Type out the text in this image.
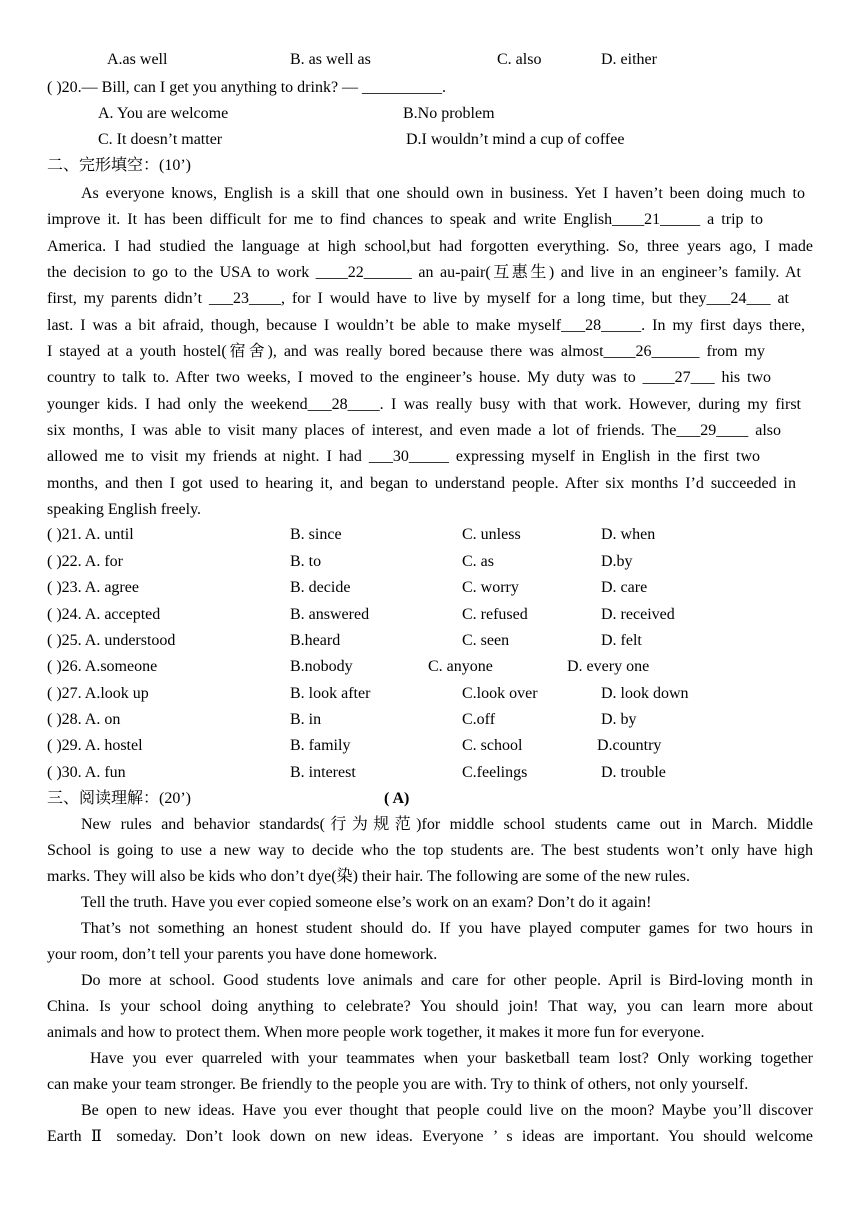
A.as well	B. as well as	C. also	D. either
( )20.— Bill, can I get you anything to drink? — __________.
A. You are welcome	B.No problem
C. It doesn’t matter	D.I wouldn’t mind a cup of coffee
二、完形填空：(10’)
As everyone knows, English is a skill that one should own in business. Yet I haven’t been doing much to
improve it. It has been difficult for me to find chances to speak and write English____21_____ a trip to
America. I had studied the language at high school,but had forgotten everything. So, three years ago, I made
the decision to go to the USA to work ____22______ an au-pair(互惠生) and live in an engineer’s family. At
first, my parents didn’t ___23____, for I would have to live by myself for a long time, but they___24___ at
last. I was a bit afraid, though, because I wouldn’t be able to make myself___28_____. In my first days there,
I stayed at a youth hostel(宿舍), and was really bored because there was almost____26______ from my
country to talk to. After two weeks, I moved to the engineer’s house. My duty was to ____27___ his two
younger kids. I had only the weekend___28____. I was really busy with that work. However, during my first
six months, I was able to visit many places of interest, and even made a lot of friends. The___29____ also
allowed me to visit my friends at night. I had ___30_____ expressing myself in English in the first two
months, and then I got used to hearing it, and began to understand people. After six months I’d succeeded in
speaking English freely.
( )21. A. until	B. since	C. unless	D. when
( )22. A. for	B. to	C. as	D.by
( )23. A. agree	B. decide	C. worry	D. care
( )24. A. accepted	B. answered	C. refused	D. received
( )25. A. understood	B.heard	C. seen	D. felt
( )26. A.someone	B.nobody	C. anyone	D. every one
( )27. A.look up	B. look after	C.look over	D. look down
( )28. A. on	B. in	C.off	D. by
( )29. A. hostel	B. family	C. school	D.country
( )30. A. fun	B. interest	C.feelings	D. trouble
三、阅读理解：(20’)	( A)
New rules and behavior standards(行为规范)for middle school students came out in March. Middle
School is going to use a new way to decide who the top students are. The best students won’t only have high
marks. They will also be kids who don’t dye(染) their hair. The following are some of the new rules.
Tell the truth. Have you ever copied someone else’s work on an exam? Don’t do it again!
That’s not something an honest student should do. If you have played computer games for two hours in
your room, don’t tell your parents you have done homework.
Do more at school. Good students love animals and care for other people. April is Bird-loving month in
China. Is your school doing anything to celebrate? You should join! That way, you can learn more about
animals and how to protect them. When more people work together, it makes it more fun for everyone.
Have you ever quarreled with your teammates when your basketball team lost? Only working together
can make your team stronger. Be friendly to the people you are with. Try to think of others, not only yourself.
Be open to new ideas. Have you ever thought that people could live on the moon? Maybe you’ll discover
Earth Ⅱ someday. Don’t look down on new ideas. Everyone ’ s ideas are important. You should welcome
